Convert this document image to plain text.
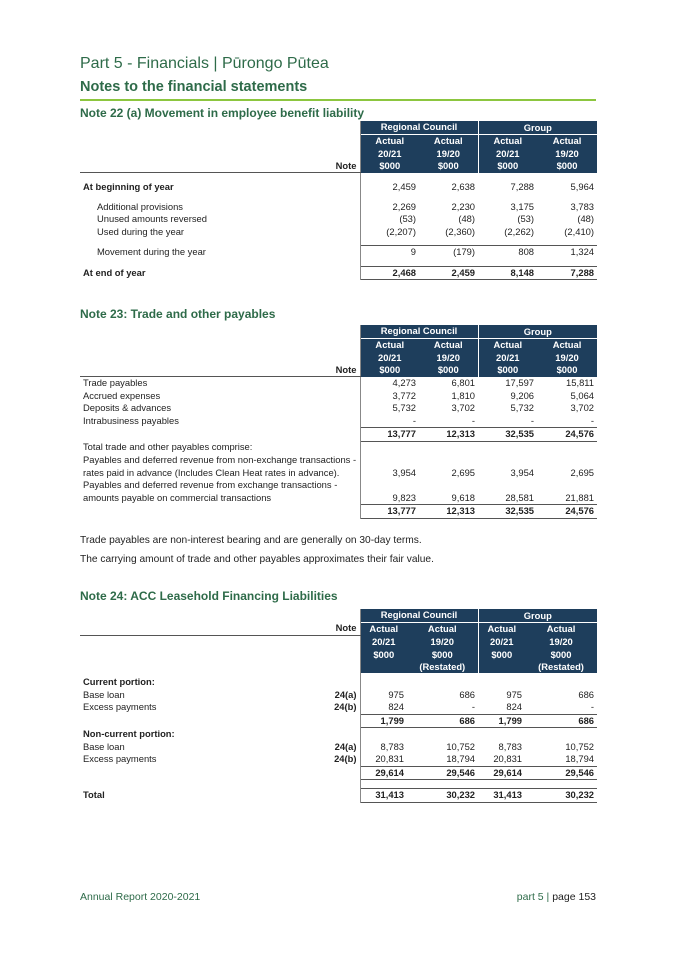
Part 5 - Financials | Pūrongo Pūtea
Notes to the financial statements
Note 22 (a) Movement in employee benefit liability
		Regional Council		Group	
		Actual	Actual	Actual	Actual
		20/21	19/20	20/21	19/20
	Note	$000	$000	$000	$000

At beginning of year		2,459	2,638	7,288	5,964

Additional provisions		2,269	2,230	3,175	3,783
Unused amounts reversed		(53)	(48)	(53)	(48)
Used during the year		(2,207)	(2,360)	(2,262)	(2,410)

Movement during the year		9	(179)	808	1,324

At end of year		2,468	2,459	8,148	7,288
Note 23: Trade and other payables
		Regional Council		Group	
		Actual	Actual	Actual	Actual
		20/21	19/20	20/21	19/20
	Note	$000	$000	$000	$000
Trade payables		4,273	6,801	17,597	15,811
Accrued expenses		3,772	1,810	9,206	5,064
Deposits & advances		5,732	3,702	5,732	3,702
Intrabusiness payables		-	-	-	-
		13,777	12,313	32,535	24,576
Total trade and other payables comprise:					
Payables and deferred revenue from non-exchange transactions -					
rates paid in advance (Includes Clean Heat rates in advance).		3,954	2,695	3,954	2,695
Payables and deferred revenue from exchange transactions -					
amounts payable on commercial transactions		9,823	9,618	28,581	21,881
		13,777	12,313	32,535	24,576
Trade payables are non-interest bearing and are generally on 30-day terms.
The carrying amount of trade and other payables approximates their fair value.
Note 24: ACC Leasehold Financing Liabilities
		Regional Council		Group	
	Note	Actual	Actual	Actual	Actual
		20/21	19/20	20/21	19/20
		$000	$000	$000	$000
			(Restated)		(Restated)

Current portion:					
Base loan	24(a)	975	686	975	686
Excess payments	24(b)	824	-	824	-
		1,799	686	1,799	686
Non-current portion:					
Base loan	24(a)	8,783	10,752	8,783	10,752
Excess payments	24(b)	20,831	18,794	20,831	18,794
		29,614	29,546	29,614	29,546

Total		31,413	30,232	31,413	30,232
Annual Report 2020-2021	part 5 | page 153
